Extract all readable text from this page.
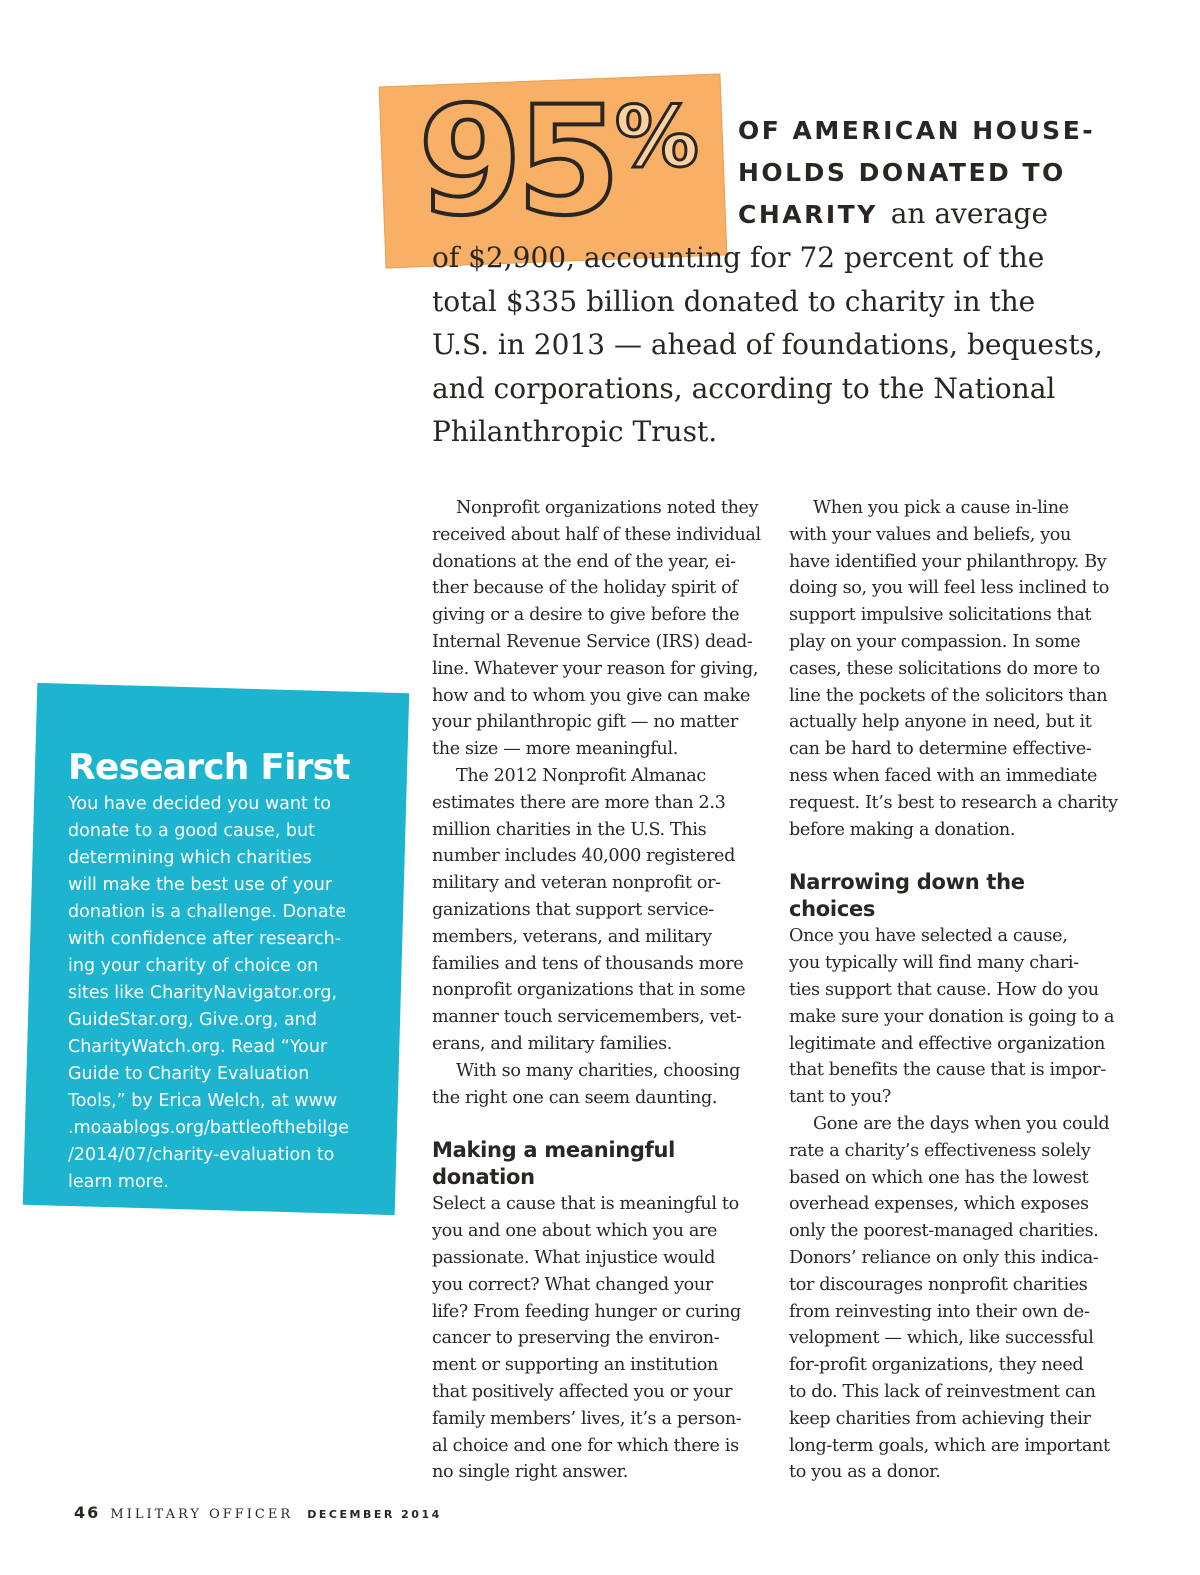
95%	OF AMERICAN HOUSE-
HOLDS DONATED TO
CHARITY an average
of $2,900, accounting for 72 percent of the
total $335 billion donated to charity in the
U.S. in 2013 — ahead of foundations, bequests,
and corporations, according to the National
Philanthropic Trust.
Research First
You have decided you want to
donate to a good cause, but
determining which charities
will make the best use of your
donation is a challenge. Donate
with confidence after research-
ing your charity of choice on
sites like CharityNavigator.org,
GuideStar.org, Give.org, and
CharityWatch.org. Read “Your
Guide to Charity Evaluation
Tools,” by Erica Welch, at www
.moaablogs.org/battleofthebilge
/2014/07/charity-evaluation to
learn more.
Nonprofit organizations noted they
received about half of these individual
donations at the end of the year, ei-
ther because of the holiday spirit of
giving or a desire to give before the
Internal Revenue Service (IRS) dead-
line. Whatever your reason for giving,
how and to whom you give can make
your philanthropic gift — no matter
the size — more meaningful.
The 2012 Nonprofit Almanac
estimates there are more than 2.3
million charities in the U.S. This
number includes 40,000 registered
military and veteran nonprofit or-
ganizations that support service-
members, veterans, and military
families and tens of thousands more
nonprofit organizations that in some
manner touch servicemembers, vet-
erans, and military families.
With so many charities, choosing
the right one can seem daunting.
Making a meaningful
donation
Select a cause that is meaningful to
you and one about which you are
passionate. What injustice would
you correct? What changed your
life? From feeding hunger or curing
cancer to preserving the environ-
ment or supporting an institution
that positively affected you or your
family members’ lives, it’s a person-
al choice and one for which there is
no single right answer.
When you pick a cause in-line
with your values and beliefs, you
have identified your philanthropy. By
doing so, you will feel less inclined to
support impulsive solicitations that
play on your compassion. In some
cases, these solicitations do more to
line the pockets of the solicitors than
actually help anyone in need, but it
can be hard to determine effective-
ness when faced with an immediate
request. It’s best to research a charity
before making a donation.
Narrowing down the
choices
Once you have selected a cause,
you typically will find many chari-
ties support that cause. How do you
make sure your donation is going to a
legitimate and effective organization
that benefits the cause that is impor-
tant to you?
Gone are the days when you could
rate a charity’s effectiveness solely
based on which one has the lowest
overhead expenses, which exposes
only the poorest-managed charities.
Donors’ reliance on only this indica-
tor discourages nonprofit charities
from reinvesting into their own de-
velopment — which, like successful
for-profit organizations, they need
to do. This lack of reinvestment can
keep charities from achieving their
long-term goals, which are important
to you as a donor.
46 MILITARY OFFICER DECEMBER 2014
